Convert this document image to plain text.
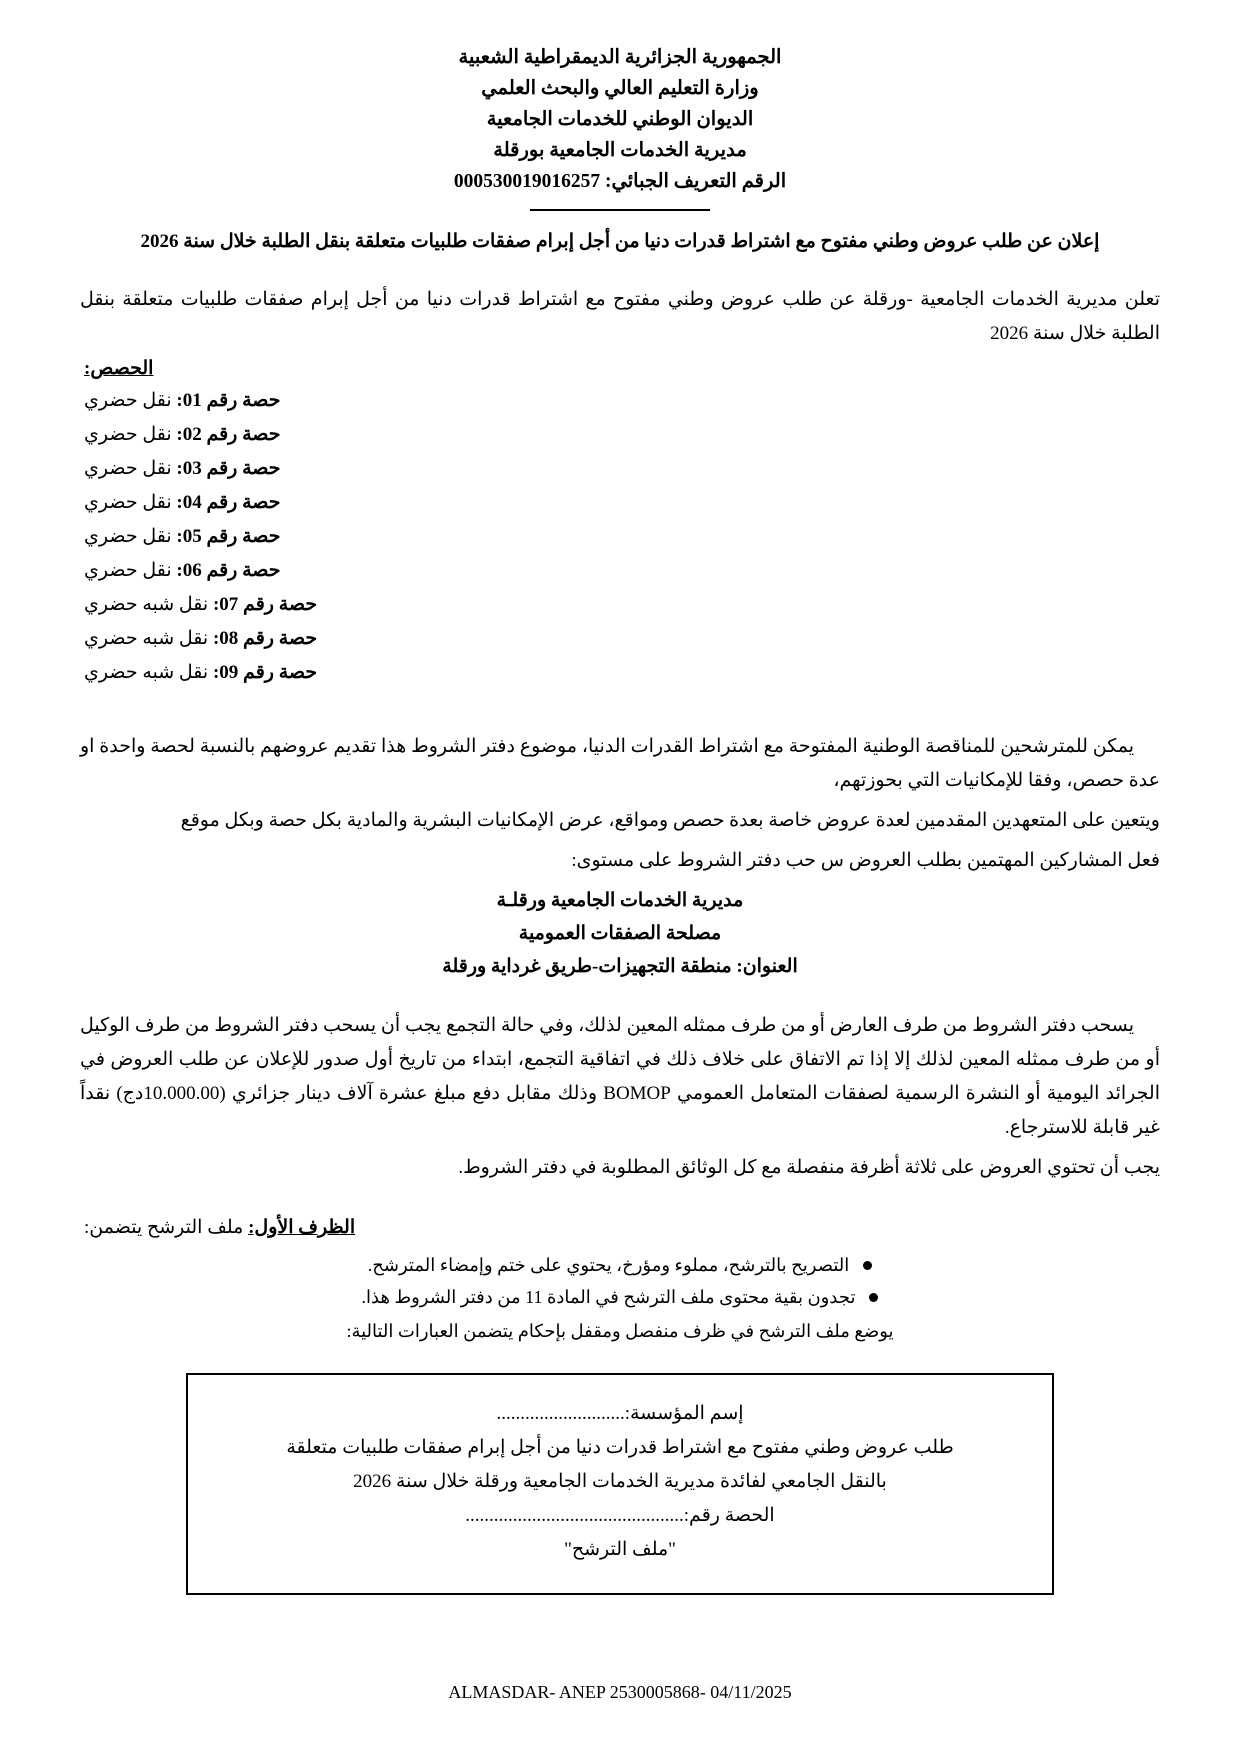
الجمهورية الجزائرية الديمقراطية الشعبية
وزارة التعليم العالي والبحث العلمي
الديوان الوطني للخدمات الجامعية
مديرية الخدمات الجامعية بورقلة
الرقم التعريف الجبائي: 000530019016257
إعلان عن طلب عروض وطني مفتوح مع اشتراط قدرات دنيا من أجل إبرام صفقات طلبيات متعلقة بنقل الطلبة خلال سنة 2026

تعلن مديرية الخدمات الجامعية -ورقلة عن طلب عروض وطني مفتوح مع اشتراط قدرات دنيا من أجل إبرام صفقات طلبيات متعلقة بنقل الطلبة خلال سنة 2026

الحصص:
حصة رقم 01: نقل حضري
حصة رقم 02: نقل حضري
حصة رقم 03: نقل حضري
حصة رقم 04: نقل حضري
حصة رقم 05: نقل حضري
حصة رقم 06: نقل حضري
حصة رقم 07: نقل شبه حضري
حصة رقم 08: نقل شبه حضري
حصة رقم 09: نقل شبه حضري

يمكن للمترشحين للمناقصة الوطنية المفتوحة مع اشتراط القدرات الدنيا، موضوع دفتر الشروط هذا تقديم عروضهم بالنسبة لحصة واحدة او عدة حصص، وفقا للإمكانيات التي بحوزتهم،

ويتعين على المتعهدين المقدمين لعدة عروض خاصة بعدة حصص ومواقع، عرض الإمكانيات البشرية والمادية بكل حصة وبكل موقع

فعل المشاركين المهتمين بطلب العروض س حب دفتر الشروط على مستوى:

مديرية الخدمات الجامعية ورقلـة
مصلحة الصفقات العمومية
العنوان: منطقة التجهيزات-طريق غرداية ورقلة

يسحب دفتر الشروط من طرف العارض أو من طرف ممثله المعين لذلك، وفي حالة التجمع يجب أن يسحب دفتر الشروط من طرف الوكيل أو من طرف ممثله المعين لذلك إلا إذا تم الاتفاق على خلاف ذلك في اتفاقية التجمع، ابتداء من تاريخ أول صدور للإعلان عن طلب العروض في الجرائد اليومية أو النشرة الرسمية لصفقات المتعامل العمومي BOMOP وذلك مقابل دفع مبلغ عشرة آلاف دينار جزائري (10.000.00دج) نقداً غير قابلة للاسترجاع.

يجب أن تحتوي العروض على ثلاثة أظرفة منفصلة مع كل الوثائق المطلوبة في دفتر الشروط.

الظرف الأول: ملف الترشح يتضمن:
التصريح بالترشح، مملوء ومؤرخ، يحتوي على ختم وإمضاء المترشح.
تجدون بقية محتوى ملف الترشح في المادة 11 من دفتر الشروط هذا.
يوضع ملف الترشح في ظرف منفصل ومقفل بإحكام يتضمن العبارات التالية:
إسم المؤسسة:...........................
طلب عروض وطني مفتوح مع اشتراط قدرات دنيا من أجل إبرام صفقات طلبيات متعلقة
بالنقل الجامعي لفائدة مديرية الخدمات الجامعية ورقلة خلال سنة 2026
الحصة رقم:..............................................
"ملف الترشح"
ALMASDAR- ANEP 2530005868- 04/11/2025
